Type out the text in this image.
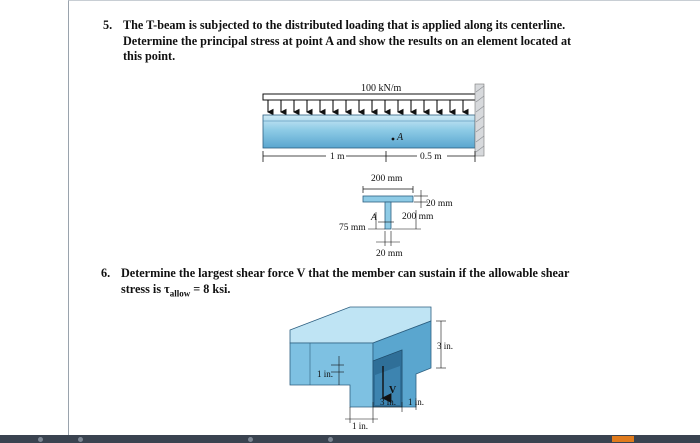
5. The T-beam is subjected to the distributed loading that is applied along its centerline.
Determine the principal stress at point A and show the results on an element located at
this point.
100 kN/m
A
1 m	0.5 m
200 mm
20 mm
200 mm
A
75 mm
20 mm
6. Determine the largest shear force V that the member can sustain if the allowable shear
stress is $\tau_{allow} = 8$ ksi.
V
3 in.
1 in.
3 in. 1 in.
1 in.
